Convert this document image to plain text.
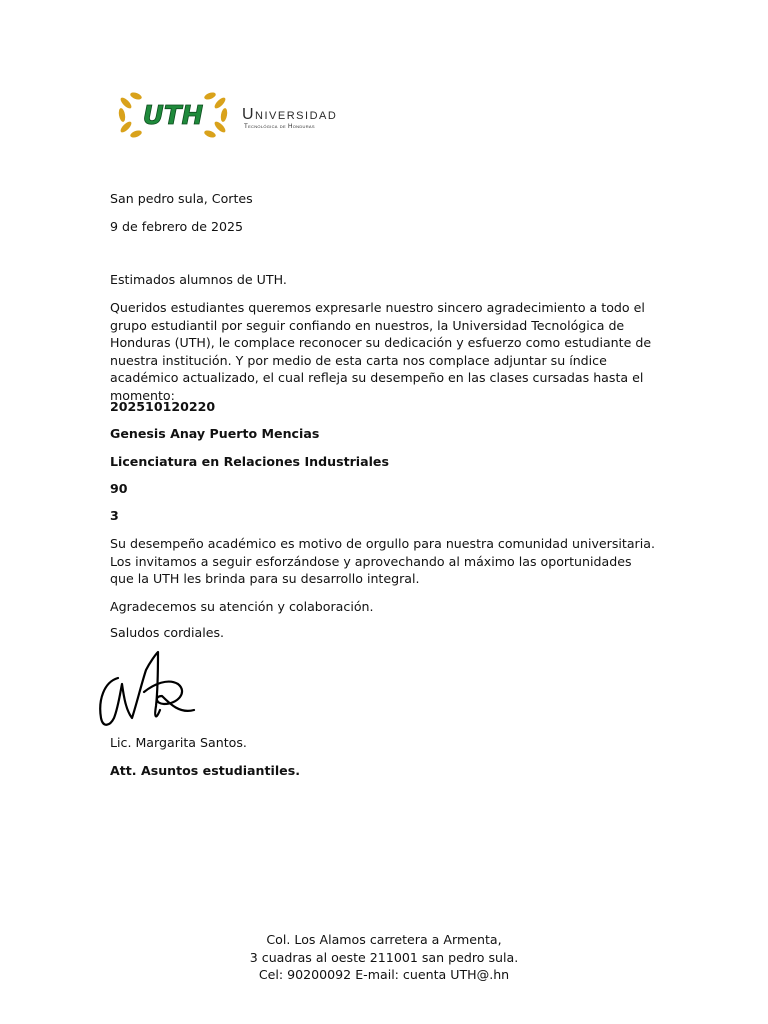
UTH Universidad
Tecnológica de Honduras

San pedro sula, Cortes

9 de febrero de 2025

Estimados alumnos de UTH.

Queridos estudiantes queremos expresarle nuestro sincero agradecimiento a todo el grupo estudiantil por seguir confiando en nuestros, la Universidad Tecnológica de Honduras (UTH), le complace reconocer su dedicación y esfuerzo como estudiante de nuestra institución. Y por medio de esta carta nos complace adjuntar su índice académico actualizado, el cual refleja su desempeño en las clases cursadas hasta el momento:

202510120220

Genesis Anay Puerto Mencias

Licenciatura en Relaciones Industriales

90

3

Su desempeño académico es motivo de orgullo para nuestra comunidad universitaria. Los invitamos a seguir esforzándose y aprovechando al máximo las oportunidades que la UTH les brinda para su desarrollo integral.

Agradecemos su atención y colaboración.

Saludos cordiales.

Lic. Margarita Santos.

Att. Asuntos estudiantiles.

Col. Los Alamos carretera a Armenta,
3 cuadras al oeste 211001 san pedro sula.
Cel: 90200092 E-mail: cuenta UTH@.hn
